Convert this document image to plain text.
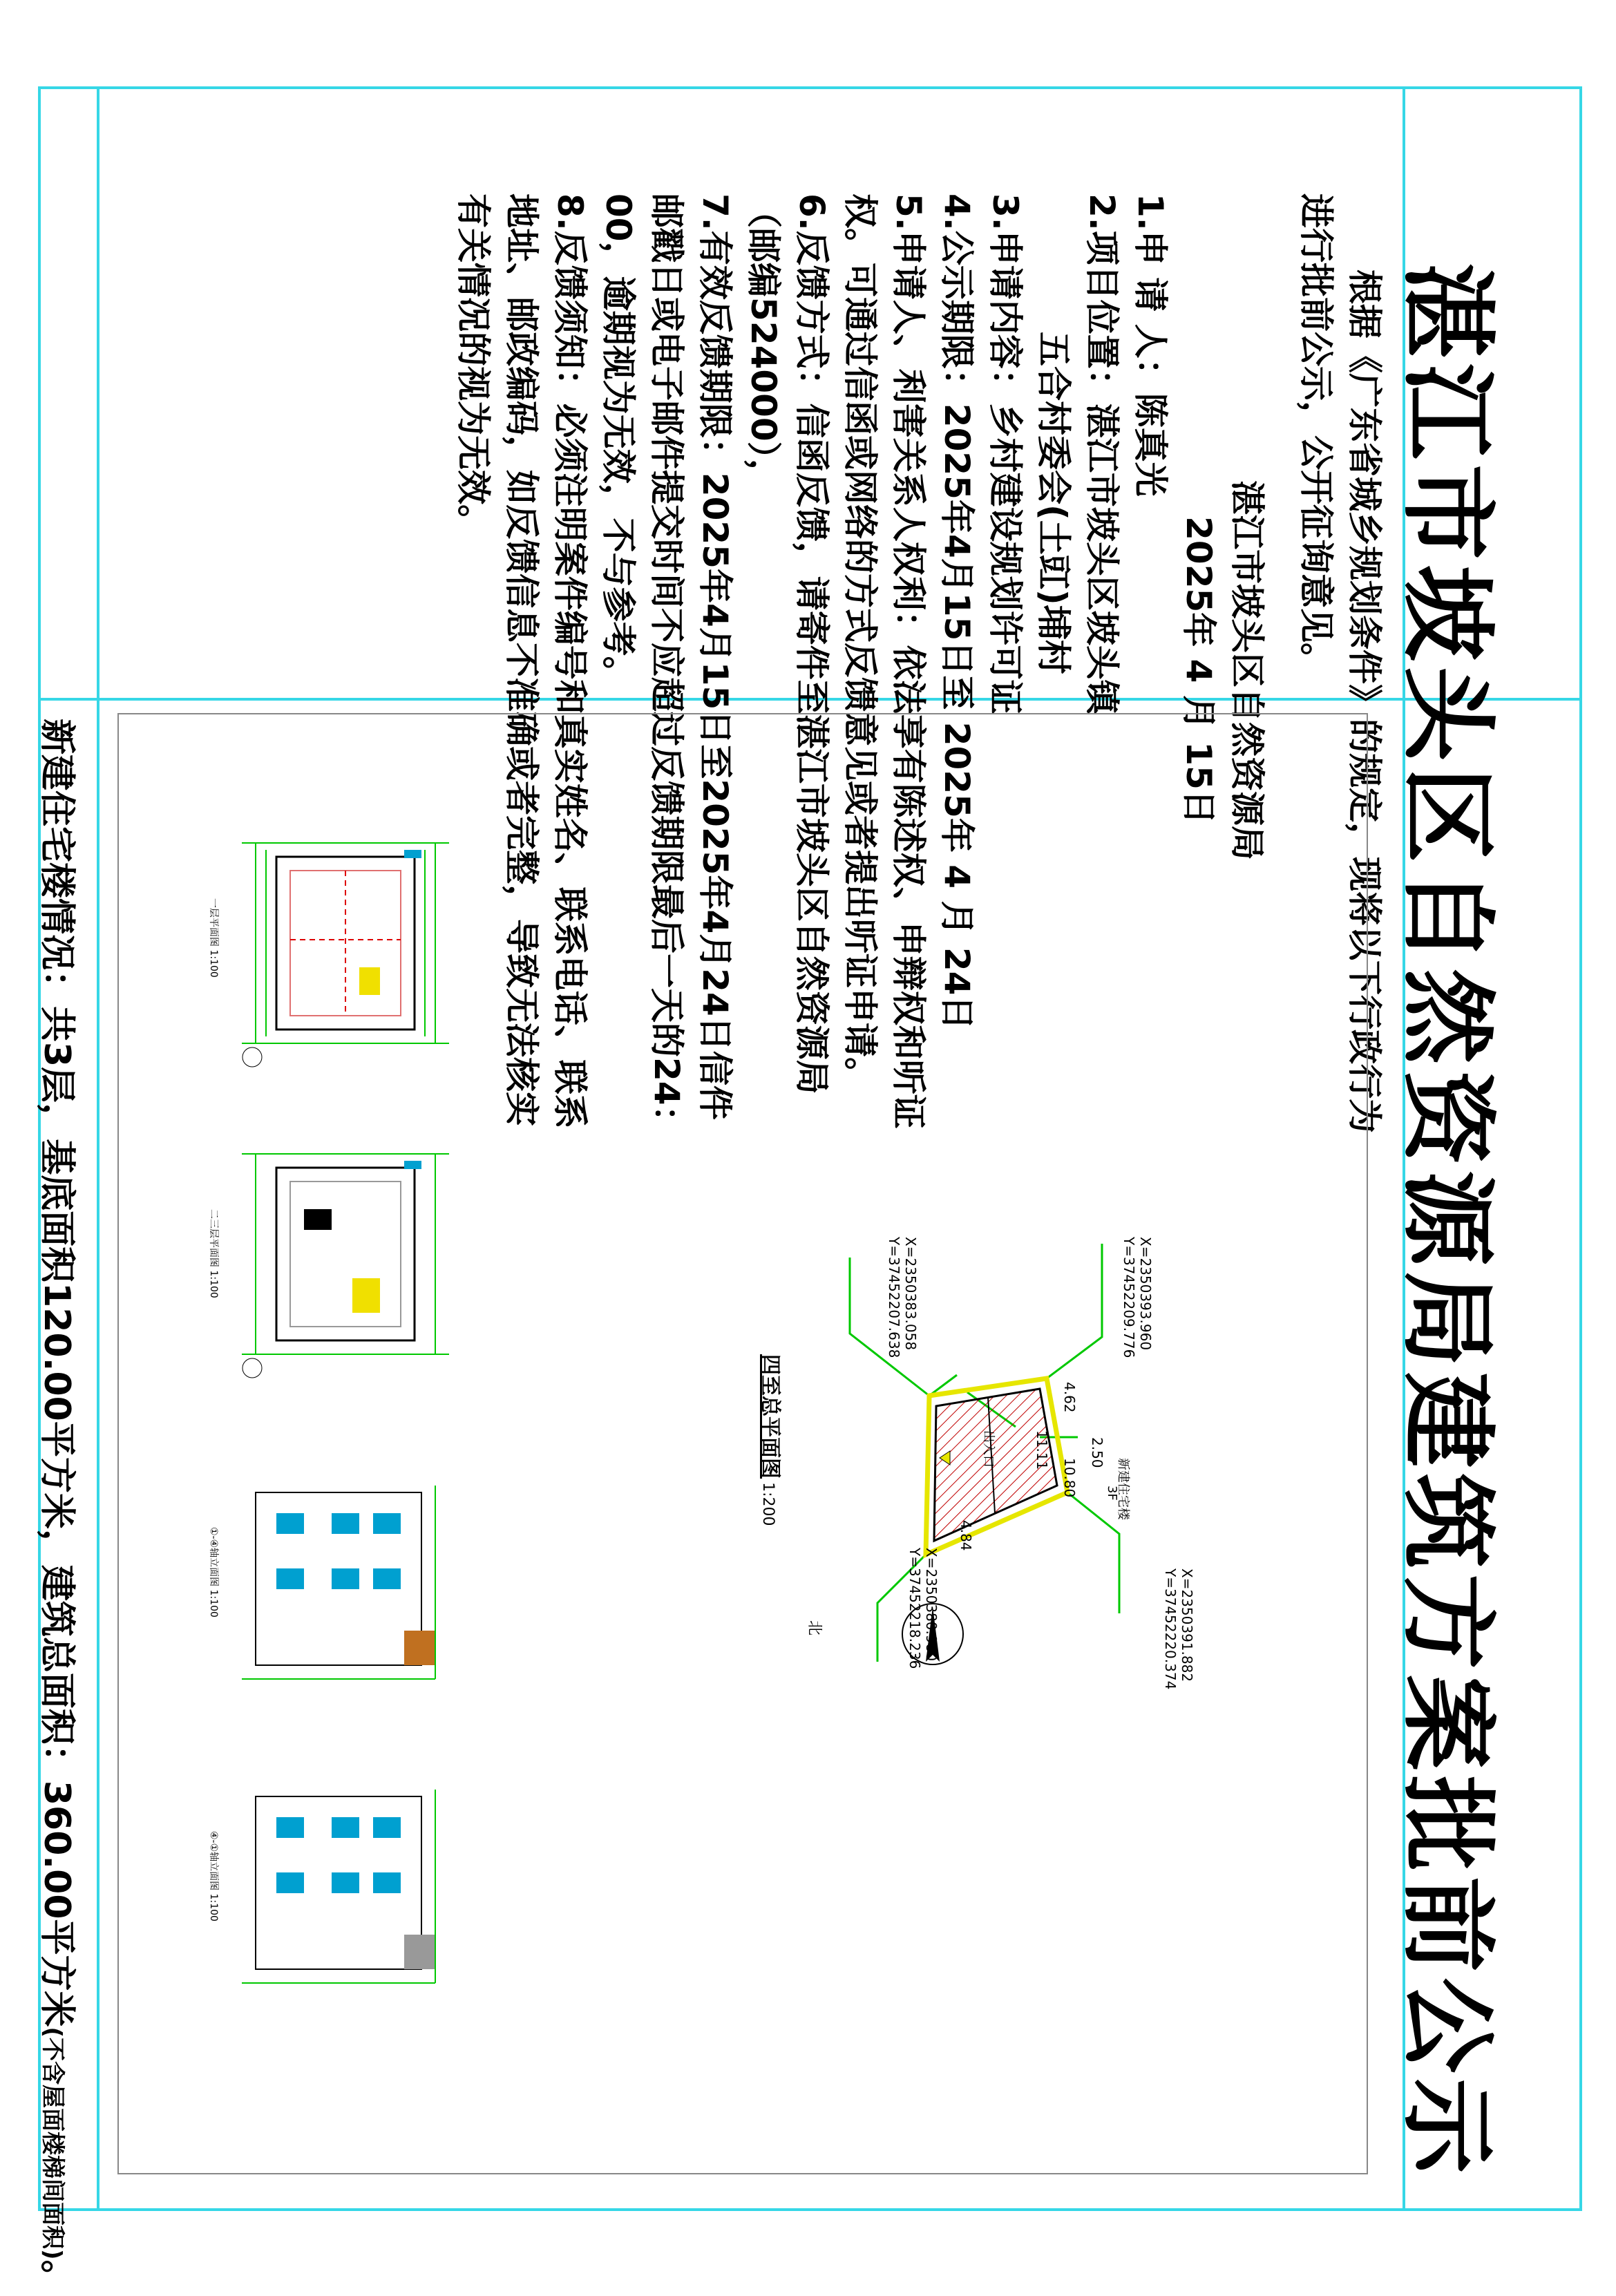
湛江市坡头区自然资源局建筑方案批前公示

根据《广东省城乡规划条件》的规定，现将以下行政行为进行批前公示，公开征询意见。

湛江市坡头区自然资源局

2025年 4 月 15日

1.申 请 人：陈真光

2.项目位置：湛江市坡头区坡头镇

五合村委会(土豇)埔村

3.申请内容：乡村建设规划许可证

4.公示期限：2025年4月15日至 2025年 4 月 24日

5.申请人、利害关系人权利：依法享有陈述权、申辩权和听证权。可通过信函或网络的方式反馈意见或者提出听证申请。

6.反馈方式：信函反馈，请寄件至湛江市坡头区自然资源局（邮编524000），

7.有效反馈期限：2025年4月15日至2025年4月24日信件邮戳日或电子邮件提交时间不应超过反馈期限最后一天的24：00，逾期视为无效，不与参考。

8.反馈须知：必须注明案件编号和真实姓名、联系电话、联系地址、邮政编码，如反馈信息不准确或者完整，导致无法核实有关情况的视为无效。

新建住宅楼情况：共3层，基底面积120.00平方米，建筑总面积：360.00平方米(不含屋面楼梯间面积)。
X=2350393.960
Y=37452209.776
X=2350391.882
Y=37452220.374
X=2350383.058
Y=37452207.638
X=2350380.980
Y=37452218.236
4.62
2.50
11.11
10.80
4.84
新建住宅楼
3F
出入口
四至总平面图 1:200
北
一层平面图 1:100
二三层平面图 1:100
①-④轴立面图 1:100
④-①轴立面图 1:100
